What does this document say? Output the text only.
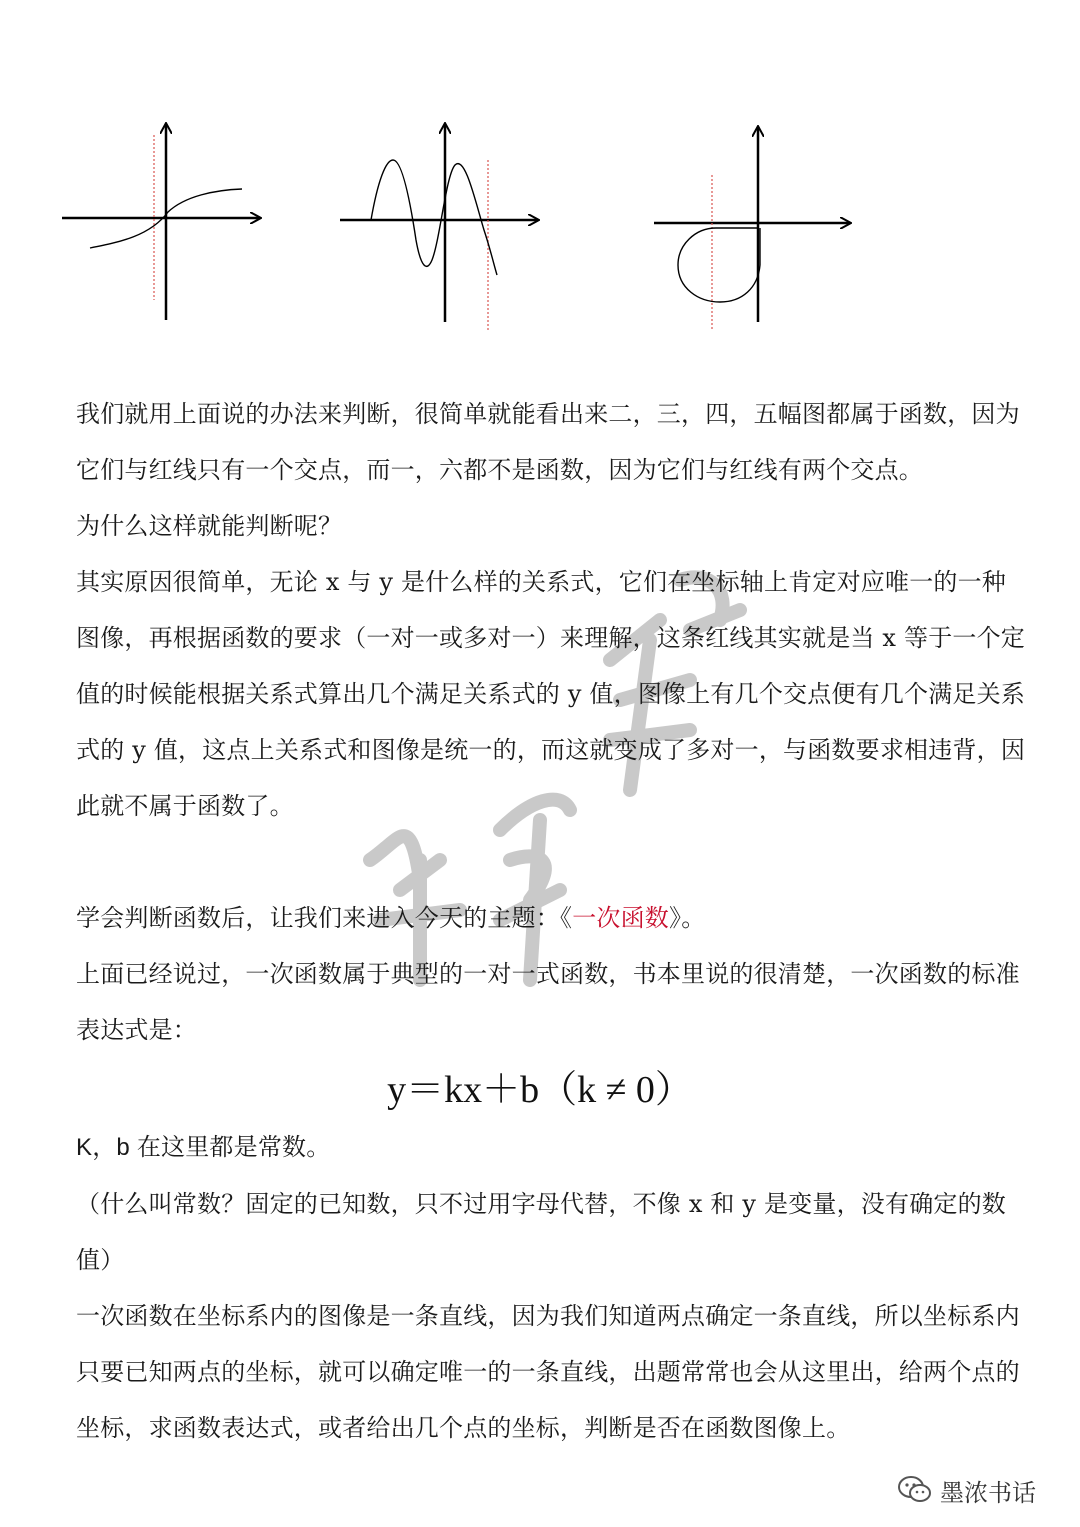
我们就用上面说的办法来判断，很简单就能看出来二，三，四，五幅图都属于函数，因为它们与红线只有一个交点，而一，六都不是函数，因为它们与红线有两个交点。

为什么这样就能判断呢？

其实原因很简单，无论 x 与 y 是什么样的关系式，它们在坐标轴上肯定对应唯一的一种图像，再根据函数的要求（一对一或多对一）来理解，这条红线其实就是当 x 等于一个定值的时候能根据关系式算出几个满足关系式的 y 值，图像上有几个交点便有几个满足关系式的 y 值，这点上关系式和图像是统一的，而这就变成了多对一，与函数要求相违背，因此就不属于函数了。

学会判断函数后，让我们来进入今天的主题：《一次函数》。

上面已经说过，一次函数属于典型的一对一式函数，书本里说的很清楚，一次函数的标准表达式是：

y＝kx＋b（k ≠ 0）

K，b 在这里都是常数。

（什么叫常数？固定的已知数，只不过用字母代替，不像 x 和 y 是变量，没有确定的数值）

一次函数在坐标系内的图像是一条直线，因为我们知道两点确定一条直线，所以坐标系内只要已知两点的坐标，就可以确定唯一的一条直线，出题常常也会从这里出，给两个点的坐标，求函数表达式，或者给出几个点的坐标，判断是否在函数图像上。

墨浓书话
